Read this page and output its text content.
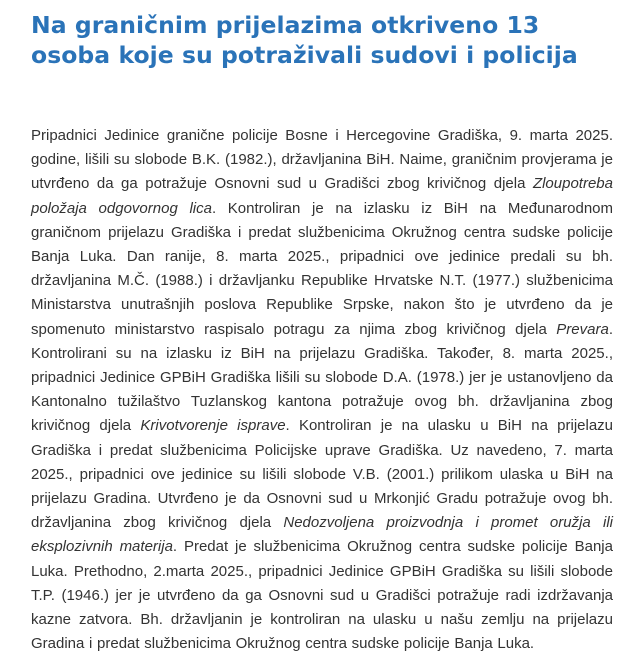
Na graničnim prijelazima otkriveno 13 osoba koje su potraživali sudovi i policija

Pripadnici Jedinice granične policije Bosne i Hercegovine Gradiška, 9. marta 2025. godine, lišili su slobode B.K. (1982.), državljanina BiH. Naime, graničnim provjerama je utvrđeno da ga potražuje Osnovni sud u Gradišci zbog krivičnog djela Zloupotreba položaja odgovornog lica. Kontroliran je na izlasku iz BiH na Međunarodnom graničnom prijelazu Gradiška i predat službenicima Okružnog centra sudske policije Banja Luka. Dan ranije, 8. marta 2025., pripadnici ove jedinice predali su bh. državljanina M.Č. (1988.) i državljanku Republike Hrvatske N.T. (1977.) službenicima Ministarstva unutrašnjih poslova Republike Srpske, nakon što je utvrđeno da je spomenuto ministarstvo raspisalo potragu za njima zbog krivičnog djela Prevara. Kontrolirani su na izlasku iz BiH na prijelazu Gradiška. Također, 8. marta 2025., pripadnici Jedinice GPBiH Gradiška lišili su slobode D.A. (1978.) jer je ustanovljeno da Kantonalno tužilaštvo Tuzlanskog kantona potražuje ovog bh. državljanina zbog krivičnog djela Krivotvorenje isprave. Kontroliran je na ulasku u BiH na prijelazu Gradiška i predat službenicima Policijske uprave Gradiška. Uz navedeno, 7. marta 2025., pripadnici ove jedinice su lišili slobode V.B. (2001.) prilikom ulaska u BiH na prijelazu Gradina. Utvrđeno je da Osnovni sud u Mrkonjić Gradu potražuje ovog bh. državljanina zbog krivičnog djela Nedozvoljena proizvodnja i promet oružja ili eksplozivnih materija. Predat je službenicima Okružnog centra sudske policije Banja Luka. Prethodno, 2.marta 2025., pripadnici Jedinice GPBiH Gradiška su lišili slobode T.P. (1946.) jer je utvrđeno da ga Osnovni sud u Gradišci potražuje radi izdržavanja kazne zatvora. Bh. državljanin je kontroliran na ulasku u našu zemlju na prijelazu Gradina i predat službenicima Okružnog centra sudske policije Banja Luka.
